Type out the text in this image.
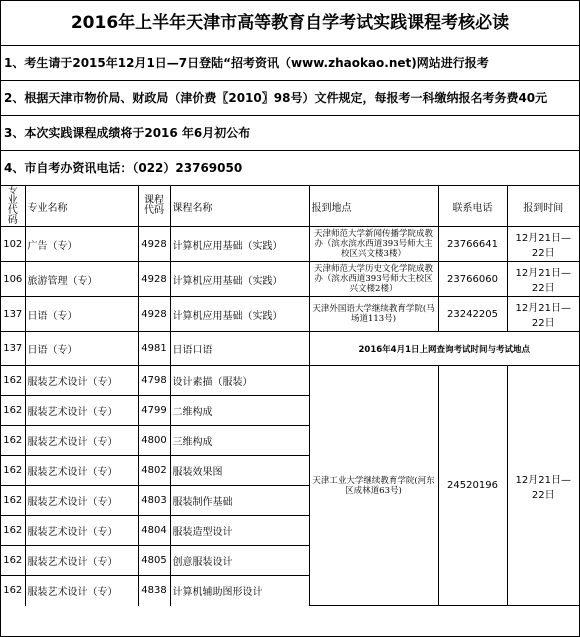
2016年上半年天津市高等教育自学考试实践课程考核必读
1、考生请于2015年12月1日—7日登陆“招考资讯（www.zhaokao.net)网站进行报考
2、根据天津市物价局、财政局（津价费〖2010〗98号）文件规定，每报考一科缴纳报名考务费40元
3、本次实践课程成绩将于2016 年6月初公布
4、市自考办资讯电话：（022）23769050
专业代码	专业名称	课程代码	课程名称	报到地点	联系电话	报到时间
102	广告（专）	4928	计算机应用基础（实践）	天津师范大学新闻传播学院成教办（滨水滨水西道393号师大主校区兴文楼3楼）	23766641	12月21日—22日
106	旅游管理（专）	4928	计算机应用基础（实践）	天津师范大学历史文化学院成教办（滨水西道393号师大主校区兴文楼2楼）	23766060	12月21日—22日
137	日语（专）	4928	计算机应用基础（实践）	天津外国语大学继续教育学院(马场道113号)	23242205	12月21日—22日
137	日语（专）	4981	日语口语	2016年4月1日上网查询考试时间与考试地点		
162	服装艺术设计（专）	4798	设计素描（服装）	天津工业大学继续教育学院(河东区成林道63号)	24520196	12月21日—22日
162	服装艺术设计（专）	4799	二维构成			
162	服装艺术设计（专）	4800	三维构成			
162	服装艺术设计（专）	4802	服装效果图			
162	服装艺术设计（专）	4803	服装制作基础			
162	服装艺术设计（专）	4804	服装造型设计			
162	服装艺术设计（专）	4805	创意服装设计			
162	服装艺术设计（专）	4838	计算机辅助图形设计			
